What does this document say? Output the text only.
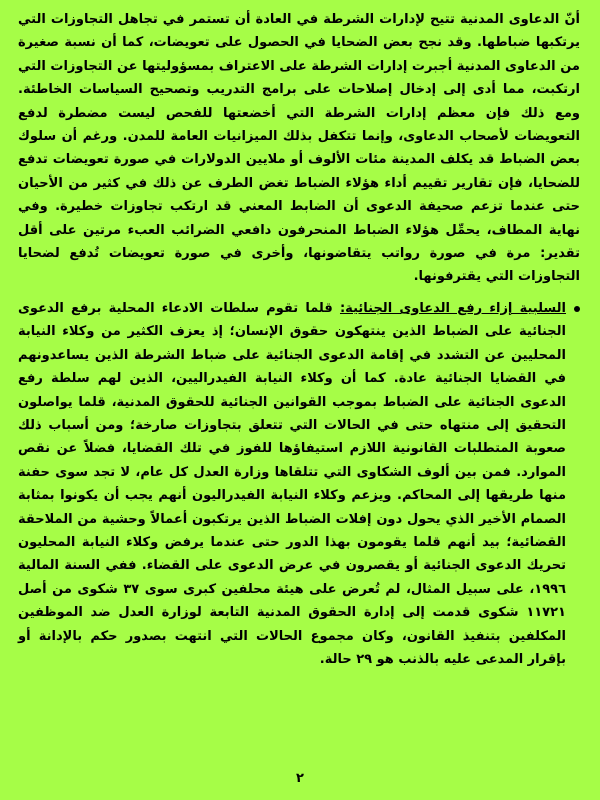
أنّ الدعاوى المدنية تتيح لإدارات الشرطة في العادة أن تستمر في تجاهل التجاوزات التي يرتكبها ضباطها. وقد نجح بعض الضحايا في الحصول على تعويضات، كما أن نسبة صغيرة من الدعاوى المدنية أجبرت إدارات الشرطة على الاعتراف بمسؤوليتها عن التجاوزات التي ارتكبت، مما أدى إلى إدخال إصلاحات على برامج التدريب وتصحيح السياسات الخاطئة. ومع ذلك فإن معظم إدارات الشرطة التي أخضعتها للفحص ليست مضطرة لدفع التعويضات لأصحاب الدعاوى، وإنما تتكفل بذلك الميزانيات العامة للمدن. ورغم أن سلوك بعض الضباط قد يكلف المدينة مئات الألوف أو ملايين الدولارات في صورة تعويضات تدفع للضحايا، فإن تقارير تقييم أداء هؤلاء الضباط تغض الطرف عن ذلك في كثير من الأحيان حتى عندما تزعم صحيفة الدعوى أن الضابط المعني قد ارتكب تجاوزات خطيرة. وفي نهاية المطاف، يحمِّل هؤلاء الضباط المنحرفون دافعي الضرائب العبء مرتين على أقل تقدير: مرة في صورة رواتب يتقاضونها، وأخرى في صورة تعويضات تُدفع لضحايا التجاوزات التي يقترفونها.

السلبية إزاء رفع الدعاوى الجنائية: قلما تقوم سلطات الادعاء المحلية برفع الدعوى الجنائية على الضباط الذين ينتهكون حقوق الإنسان؛ إذ يعزف الكثير من وكلاء النيابة المحليين عن التشدد في إقامة الدعوى الجنائية على ضباط الشرطة الذين يساعدونهم في القضايا الجنائية عادة. كما أن وكلاء النيابة الفيدراليين، الذين لهم سلطة رفع الدعوى الجنائية على الضباط بموجب القوانين الجنائية للحقوق المدنية، قلما يواصلون التحقيق إلى منتهاه حتى في الحالات التي تتعلق بتجاوزات صارخة؛ ومن أسباب ذلك صعوبة المتطلبات القانونية اللازم استيفاؤها للفوز في تلك القضايا، فضلاً عن نقص الموارد. فمن بين ألوف الشكاوى التي تتلقاها وزارة العدل كل عام، لا تجد سوى حفنة منها طريقها إلى المحاكم. ويزعم وكلاء النيابة الفيدراليون أنهم يجب أن يكونوا بمثابة الصمام الأخير الذي يحول دون إفلات الضباط الذين يرتكبون أعمالاً وحشية من الملاحقة القضائية؛ بيد أنهم قلما يقومون بهذا الدور حتى عندما يرفض وكلاء النيابة المحليون تحريك الدعوى الجنائية أو يقصرون في عرض الدعوى على القضاء. ففي السنة المالية ١٩٩٦، على سبيل المثال، لم تُعرض على هيئة محلفين كبرى سوى ٣٧ شكوى من أصل ١١٧٢١ شكوى قدمت إلى إدارة الحقوق المدنية التابعة لوزارة العدل ضد الموظفين المكلفين بتنفيذ القانون، وكان مجموع الحالات التي انتهت بصدور حكم بالإدانة أو بإقرار المدعى عليه بالذنب هو ٢٩ حالة.

٢
